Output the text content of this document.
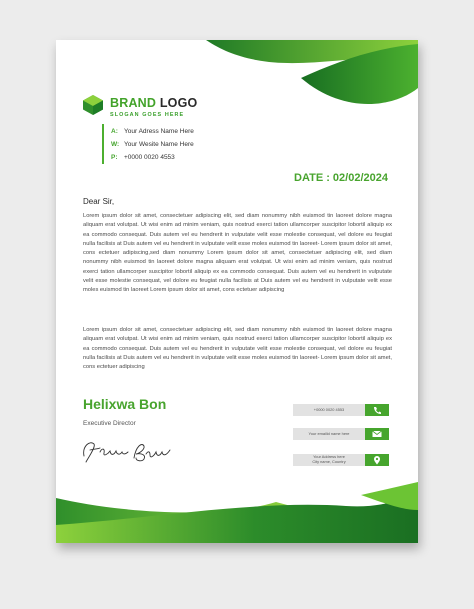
BRAND LOGO
SLOGAN GOES HERE
A: Your Adress Name Here
W: Your Wesite Name Here
P: +0000 0020 4553
DATE : 02/02/2024
Dear Sir,

Lorem ipsum dolor sit amet, consectetuer adipiscing elit, sed diam nonummy nibh euismod tin laoreet dolore magna aliquam erat volutpat. Ut wisi enim ad minim veniam, quis nostrud exerci tation ullamcorper suscipitor lobortil aliquip ex ea commodo consequat. Duis autem vel eu hendrerit in vulputate velit esse molestie consequat, vel dolore eu feugiat nulla facilisis at Duis autem vel eu hendrerit in vulputate velit esse moles euismod tin laoreet- Lorem ipsum dolor sit amet, cons ectetuer adipiscing,sed diam nonummy Lorem ipsum dolor sit amet, consectetuer adipiscing elit, sed diam nonummy nibh euismod tin laoreet dolore magna aliquam erat volutpat. Ut wisi enim ad minim veniam, quis nostrud exerci tation ullamcorper suscipitor lobortil aliquip ex ea commodo consequat. Duis autem vel eu hendrerit in vulputate velit esse molestie consequat, vel dolore eu feugiat nulla facilisis at Duis autem vel eu hendrerit in vulputate velit esse moles euismod tin laoreet Lorem ipsum dolor sit amet, cons ectetuer adipiscing

Lorem ipsum dolor sit amet, consectetuer adipiscing elit, sed diam nonummy nibh euismod tin laoreet dolore magna aliquam erat volutpat. Ut wisi enim ad minim veniam, quis nostrud exerci tation ullamcorper suscipitor lobortil aliquip ex ea commodo consequat. Duis autem vel eu hendrerit in vulputate velit esse molestie consequat, vel dolore eu feugiat nulla facilisis at Duis autem vel eu hendrerit in vulputate velit esse moles euismod tin laoreet- Lorem ipsum dolor sit amet, cons ectetuer adipiscing

Helixwa Bon
Executive Director
+0000 0020 4553
Your emailid name here
Your Address here
City name, Country
